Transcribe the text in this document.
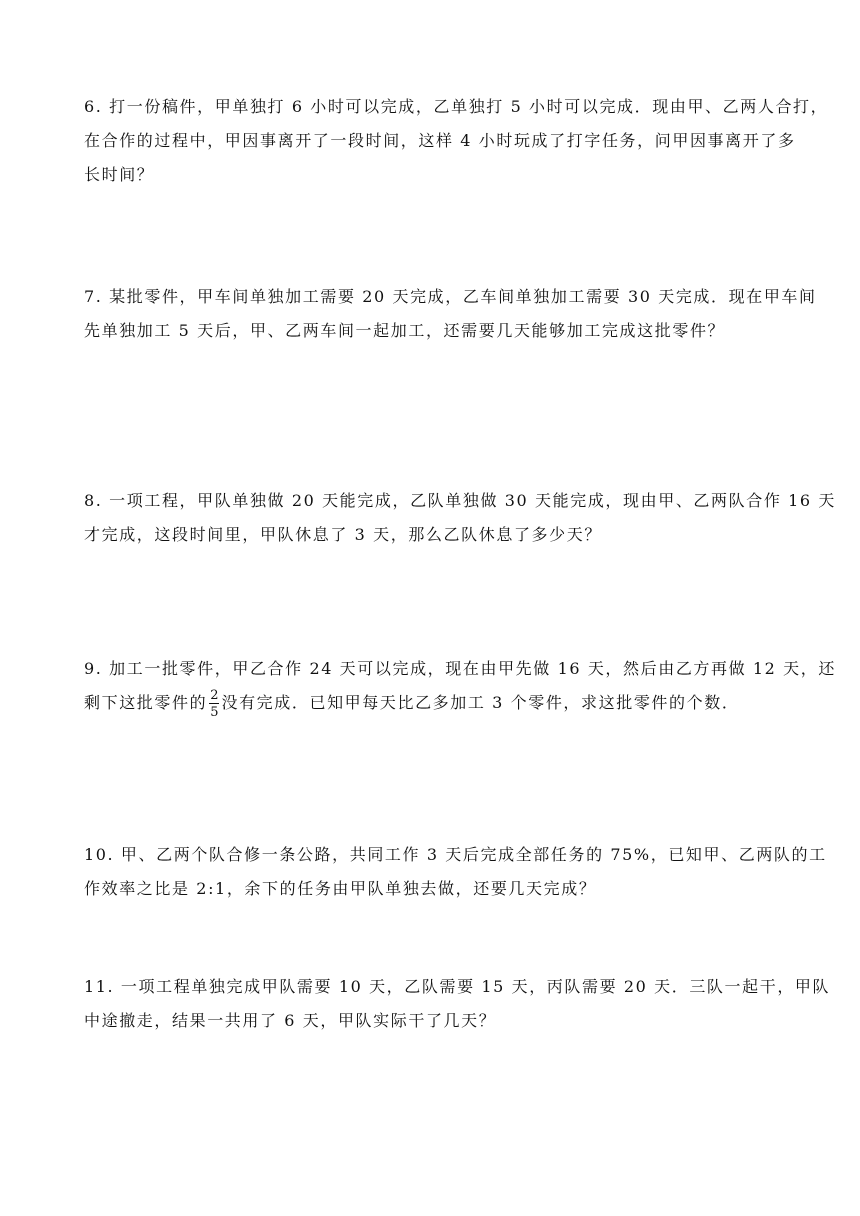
6. 打一份稿件，甲单独打 6 小时可以完成，乙单独打 5 小时可以完成．现由甲、乙两人合打，
在合作的过程中，甲因事离开了一段时间，这样 4 小时玩成了打字任务，问甲因事离开了多
长时间？
7. 某批零件，甲车间单独加工需要 20 天完成，乙车间单独加工需要 30 天完成．现在甲车间
先单独加工 5 天后，甲、乙两车间一起加工，还需要几天能够加工完成这批零件？
8. 一项工程，甲队单独做 20 天能完成，乙队单独做 30 天能完成，现由甲、乙两队合作 16 天
才完成，这段时间里，甲队休息了 3 天，那么乙队休息了多少天？
9. 加工一批零件，甲乙合作 24 天可以完成，现在由甲先做 16 天，然后由乙方再做 12 天，还
剩下这批零件的 $\frac{2}{5}$ 没有完成．已知甲每天比乙多加工 3 个零件，求这批零件的个数．
10. 甲、乙两个队合修一条公路，共同工作 3 天后完成全部任务的 75%，已知甲、乙两队的工
作效率之比是 2:1，余下的任务由甲队单独去做，还要几天完成？
11. 一项工程单独完成甲队需要 10 天，乙队需要 15 天，丙队需要 20 天．三队一起干，甲队
中途撤走，结果一共用了 6 天，甲队实际干了几天？
